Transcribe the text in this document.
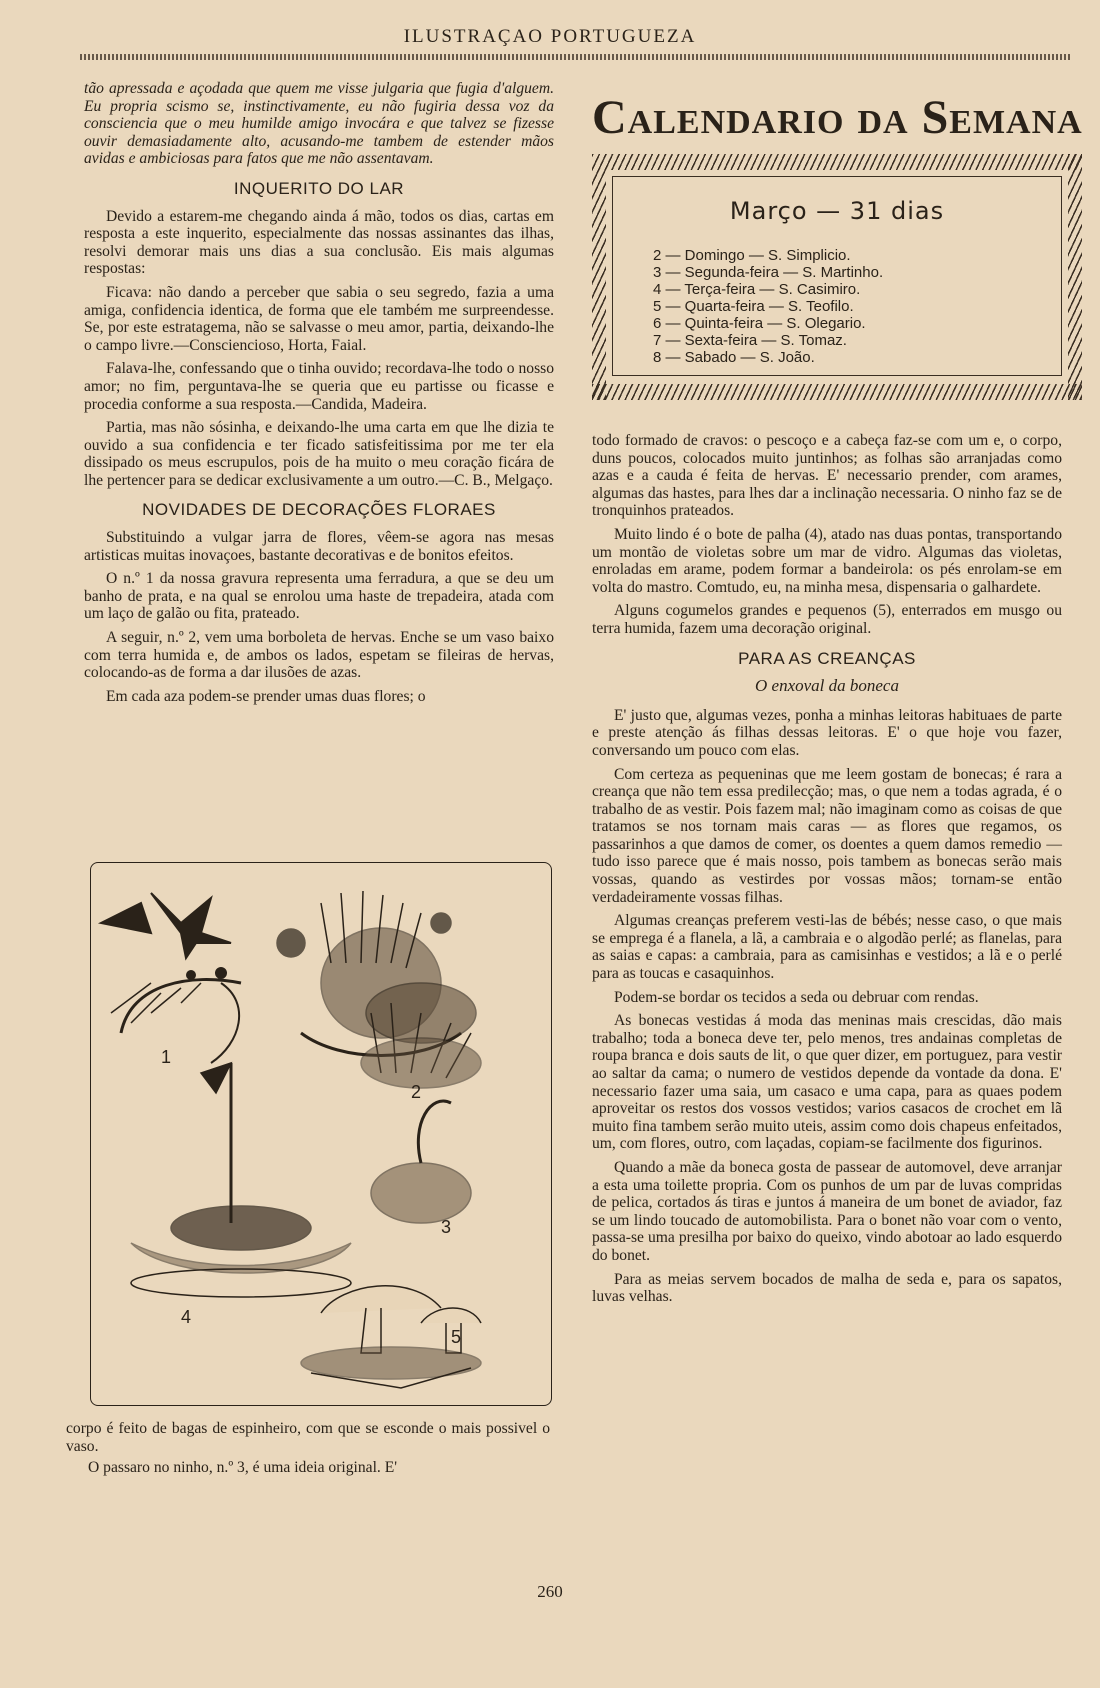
ILUSTRAÇAO PORTUGUEZA

tão apressada e açodada que quem me visse julgaria que fugia d'alguem. Eu propria scismo se, instinctivamente, eu não fugiria dessa voz da consciencia que o meu humilde amigo invocára e que talvez se fizesse ouvir demasiadamente alto, acusando-me tambem de estender mãos avidas e ambiciosas para fatos que me não assentavam.

INQUERITO DO LAR

Devido a estarem-me chegando ainda á mão, todos os dias, cartas em resposta a este inquerito, especialmente das nossas assinantes das ilhas, resolvi demorar mais uns dias a sua conclusão. Eis mais algumas respostas:

Ficava: não dando a perceber que sabia o seu segredo, fazia a uma amiga, confidencia identica, de forma que ele também me surpreendesse. Se, por este estratagema, não se salvasse o meu amor, partia, deixando-lhe o campo livre.—Consciencioso, Horta, Faial.

Falava-lhe, confessando que o tinha ouvido; recordava-lhe todo o nosso amor; no fim, perguntava-lhe se queria que eu partisse ou ficasse e procedia conforme a sua resposta.—Candida, Madeira.

Partia, mas não sósinha, e deixando-lhe uma carta em que lhe dizia te ouvido a sua confidencia e ter ficado satisfeitissima por me ter ela dissipado os meus escrupulos, pois de ha muito o meu coração ficára de lhe pertencer para se dedicar exclusivamente a um outro.—C. B., Melgaço.

NOVIDADES DE DECORAÇÕES FLORAES

Substituindo a vulgar jarra de flores, vêem-se agora nas mesas artisticas muitas inovaçoes, bastante decorativas e de bonitos efeitos.

O n.º 1 da nossa gravura representa uma ferradura, a que se deu um banho de prata, e na qual se enrolou uma haste de trepadeira, atada com um laço de galão ou fita, prateado.

A seguir, n.º 2, vem uma borboleta de hervas. Enche se um vaso baixo com terra humida e, de ambos os lados, espetam se fileiras de hervas, colocando-as de forma a dar ilusões de azas.

Em cada aza podem-se prender umas duas flores; o

1
2
3
4
5

corpo é feito de bagas de espinheiro, com que se esconde o mais possivel o vaso.

O passaro no ninho, n.º 3, é uma ideia original. E'

Calendario da Semana
Março — 31 dias
2 — Domingo — S. Simplicio.
3 — Segunda-feira — S. Martinho.
4 — Terça-feira — S. Casimiro.
5 — Quarta-feira — S. Teofilo.
6 — Quinta-feira — S. Olegario.
7 — Sexta-feira — S. Tomaz.
8 — Sabado — S. João.

todo formado de cravos: o pescoço e a cabeça faz-se com um e, o corpo, duns poucos, colocados muito juntinhos; as folhas são arranjadas como azas e a cauda é feita de hervas. E' necessario prender, com arames, algumas das hastes, para lhes dar a inclinação necessaria. O ninho faz se de tronquinhos prateados.

Muito lindo é o bote de palha (4), atado nas duas pontas, transportando um montão de violetas sobre um mar de vidro. Algumas das violetas, enroladas em arame, podem formar a bandeirola: os pés enrolam-se em volta do mastro. Comtudo, eu, na minha mesa, dispensaria o galhardete.

Alguns cogumelos grandes e pequenos (5), enterrados em musgo ou terra humida, fazem uma decoração original.

PARA AS CREANÇAS
O enxoval da boneca

E' justo que, algumas vezes, ponha a minhas leitoras habituaes de parte e preste atenção ás filhas dessas leitoras. E' o que hoje vou fazer, conversando um pouco com elas.

Com certeza as pequeninas que me leem gostam de bonecas; é rara a creança que não tem essa predilecção; mas, o que nem a todas agrada, é o trabalho de as vestir. Pois fazem mal; não imaginam como as coisas de que tratamos se nos tornam mais caras — as flores que regamos, os passarinhos a que damos de comer, os doentes a quem damos remedio — tudo isso parece que é mais nosso, pois tambem as bonecas serão mais vossas, quando as vestirdes por vossas mãos; tornam-se então verdadeiramente vossas filhas.

Algumas creanças preferem vesti-las de bébés; nesse caso, o que mais se emprega é a flanela, a lã, a cambraia e o algodão perlé; as flanelas, para as saias e capas: a cambraia, para as camisinhas e vestidos; a lã e o perlé para as toucas e casaquinhos.

Podem-se bordar os tecidos a seda ou debruar com rendas.

As bonecas vestidas á moda das meninas mais crescidas, dão mais trabalho; toda a boneca deve ter, pelo menos, tres andainas completas de roupa branca e dois sauts de lit, o que quer dizer, em portuguez, para vestir ao saltar da cama; o numero de vestidos depende da vontade da dona. E' necessario fazer uma saia, um casaco e uma capa, para as quaes podem aproveitar os restos dos vossos vestidos; varios casacos de crochet em lã muito fina tambem serão muito uteis, assim como dois chapeus enfeitados, um, com flores, outro, com laçadas, copiam-se facilmente dos figurinos.

Quando a mãe da boneca gosta de passear de automovel, deve arranjar a esta uma toilette propria. Com os punhos de um par de luvas compridas de pelica, cortados ás tiras e juntos á maneira de um bonet de aviador, faz se um lindo toucado de automobilista. Para o bonet não voar com o vento, passa-se uma presilha por baixo do queixo, vindo abotoar ao lado esquerdo do bonet.

Para as meias servem bocados de malha de seda e, para os sapatos, luvas velhas.

260
